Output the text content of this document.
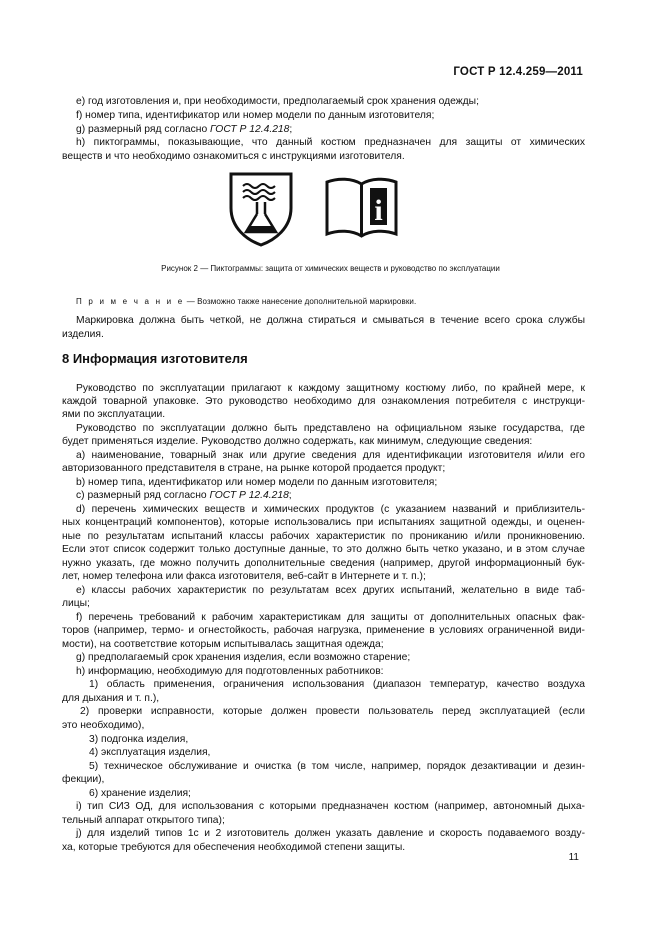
ГОСТ Р 12.4.259—2011
e) год изготовления и, при необходимости, предполагаемый срок хранения одежды;
f) номер типа, идентификатор или номер модели по данным изготовителя;
g) размерный ряд согласно ГОСТ Р 12.4.218;
h) пиктограммы, показывающие, что данный костюм предназначен для защиты от химических
веществ и что необходимо ознакомиться с инструкциями изготовителя.
i
Рисунок 2 — Пиктограммы: защита от химических веществ и руководство по эксплуатации
П р и м е ч а н и е — Возможно также нанесение дополнительной маркировки.
Маркировка должна быть четкой, не должна стираться и смываться в течение всего срока службы
изделия.
8 Информация изготовителя
Руководство по эксплуатации прилагают к каждому защитному костюму либо, по крайней мере, к
каждой товарной упаковке. Это руководство необходимо для ознакомления потребителя с инструкци-
ями по эксплуатации.
Руководство по эксплуатации должно быть представлено на официальном языке государства, где
будет применяться изделие. Руководство должно содержать, как минимум, следующие сведения:
a) наименование, товарный знак или другие сведения для идентификации изготовителя и/или его
авторизованного представителя в стране, на рынке которой продается продукт;
b) номер типа, идентификатор или номер модели по данным изготовителя;
c) размерный ряд согласно ГОСТ Р 12.4.218;
d) перечень химических веществ и химических продуктов (с указанием названий и приблизитель-
ных концентраций компонентов), которые использовались при испытаниях защитной одежды, и оценен-
ные по результатам испытаний классы рабочих характеристик по прониканию и/или проникновению.
Если этот список содержит только доступные данные, то это должно быть четко указано, и в этом случае
нужно указать, где можно получить дополнительные сведения (например, другой информационный бук-
лет, номер телефона или факса изготовителя, веб-сайт в Интернете и т. п.);
e) классы рабочих характеристик по результатам всех других испытаний, желательно в виде таб-
лицы;
f) перечень требований к рабочим характеристикам для защиты от дополнительных опасных фак-
торов (например, термо- и огнестойкость, рабочая нагрузка, применение в условиях ограниченной види-
мости), на соответствие которым испытывалась защитная одежда;
g) предполагаемый срок хранения изделия, если возможно старение;
h) информацию, необходимую для подготовленных работников:
1) область применения, ограничения использования (диапазон температур, качество воздуха
для дыхания и т. п.),
2) проверки исправности, которые должен провести пользователь перед эксплуатацией (если
это необходимо),
3) подгонка изделия,
4) эксплуатация изделия,
5) техническое обслуживание и очистка (в том числе, например, порядок дезактивации и дезин-
фекции),
6) хранение изделия;
i) тип СИЗ ОД, для использования с которыми предназначен костюм (например, автономный дыха-
тельный аппарат открытого типа);
j) для изделий типов 1с и 2 изготовитель должен указать давление и скорость подаваемого возду-
ха, которые требуются для обеспечения необходимой степени защиты.
11
